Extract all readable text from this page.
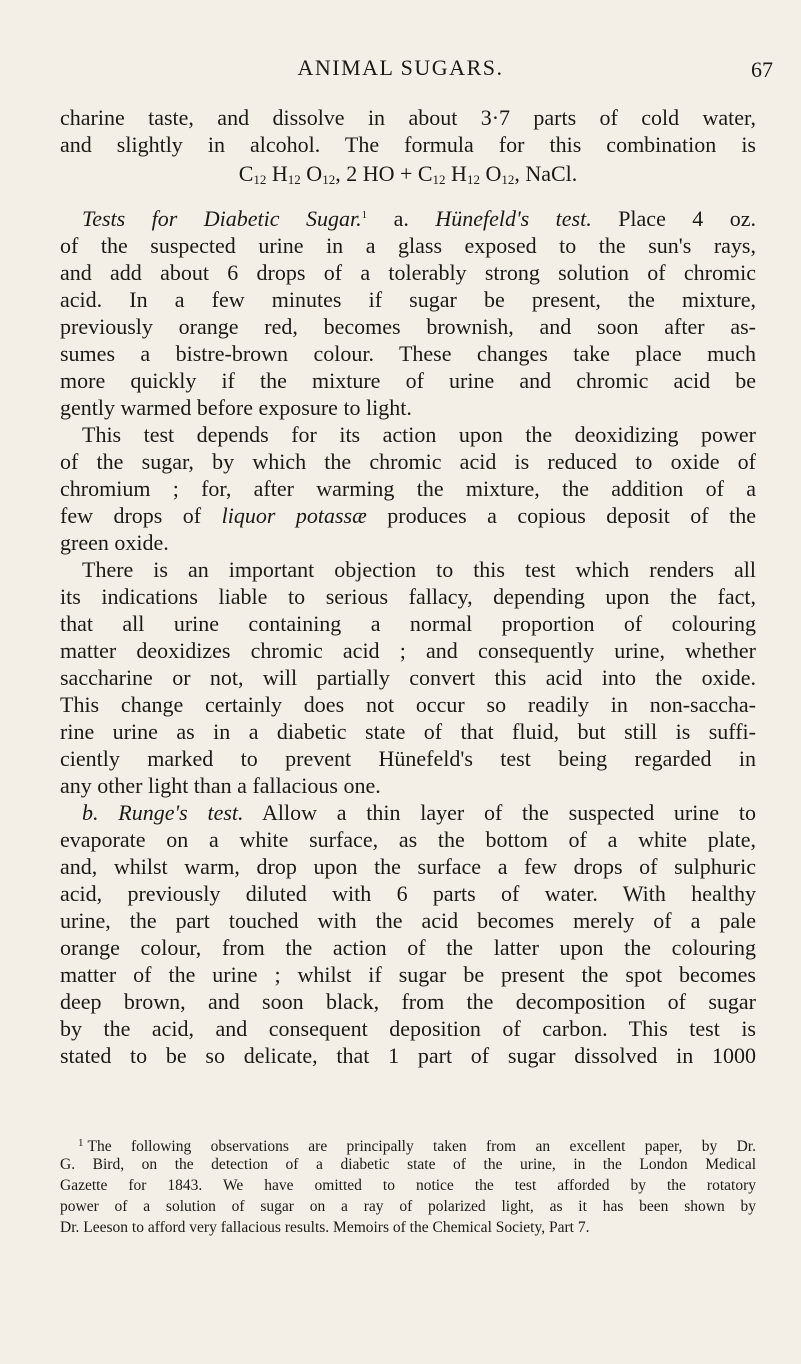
ANIMAL SUGARS.	67
charine taste, and dissolve in about 3·7 parts of cold water,
and slightly in alcohol. The formula for this combination is
$C_{12}$ $H_{12}$ $O_{12}$, 2 HO + $C_{12}$ $H_{12}$ $O_{12}$, NaCl.
Tests for Diabetic Sugar.$^1$ a. Hünefeld's test. Place 4 oz.
of the suspected urine in a glass exposed to the sun's rays,
and add about 6 drops of a tolerably strong solution of chromic
acid. In a few minutes if sugar be present, the mixture,
previously orange red, becomes brownish, and soon after as-
sumes a bistre-brown colour. These changes take place much
more quickly if the mixture of urine and chromic acid be
gently warmed before exposure to light.
This test depends for its action upon the deoxidizing power
of the sugar, by which the chromic acid is reduced to oxide of
chromium ; for, after warming the mixture, the addition of a
few drops of liquor potassæ produces a copious deposit of the
green oxide.
There is an important objection to this test which renders all
its indications liable to serious fallacy, depending upon the fact,
that all urine containing a normal proportion of colouring
matter deoxidizes chromic acid ; and consequently urine, whether
saccharine or not, will partially convert this acid into the oxide.
This change certainly does not occur so readily in non-saccha-
rine urine as in a diabetic state of that fluid, but still is suffi-
ciently marked to prevent Hünefeld's test being regarded in
any other light than a fallacious one.
b. Runge's test. Allow a thin layer of the suspected urine to
evaporate on a white surface, as the bottom of a white plate,
and, whilst warm, drop upon the surface a few drops of sulphuric
acid, previously diluted with 6 parts of water. With healthy
urine, the part touched with the acid becomes merely of a pale
orange colour, from the action of the latter upon the colouring
matter of the urine ; whilst if sugar be present the spot becomes
deep brown, and soon black, from the decomposition of sugar
by the acid, and consequent deposition of carbon. This test is
stated to be so delicate, that 1 part of sugar dissolved in 1000
$^1$ The following observations are principally taken from an excellent paper, by Dr.
G. Bird, on the detection of a diabetic state of the urine, in the London Medical
Gazette for 1843. We have omitted to notice the test afforded by the rotatory
power of a solution of sugar on a ray of polarized light, as it has been shown by
Dr. Leeson to afford very fallacious results. Memoirs of the Chemical Society, Part 7.
